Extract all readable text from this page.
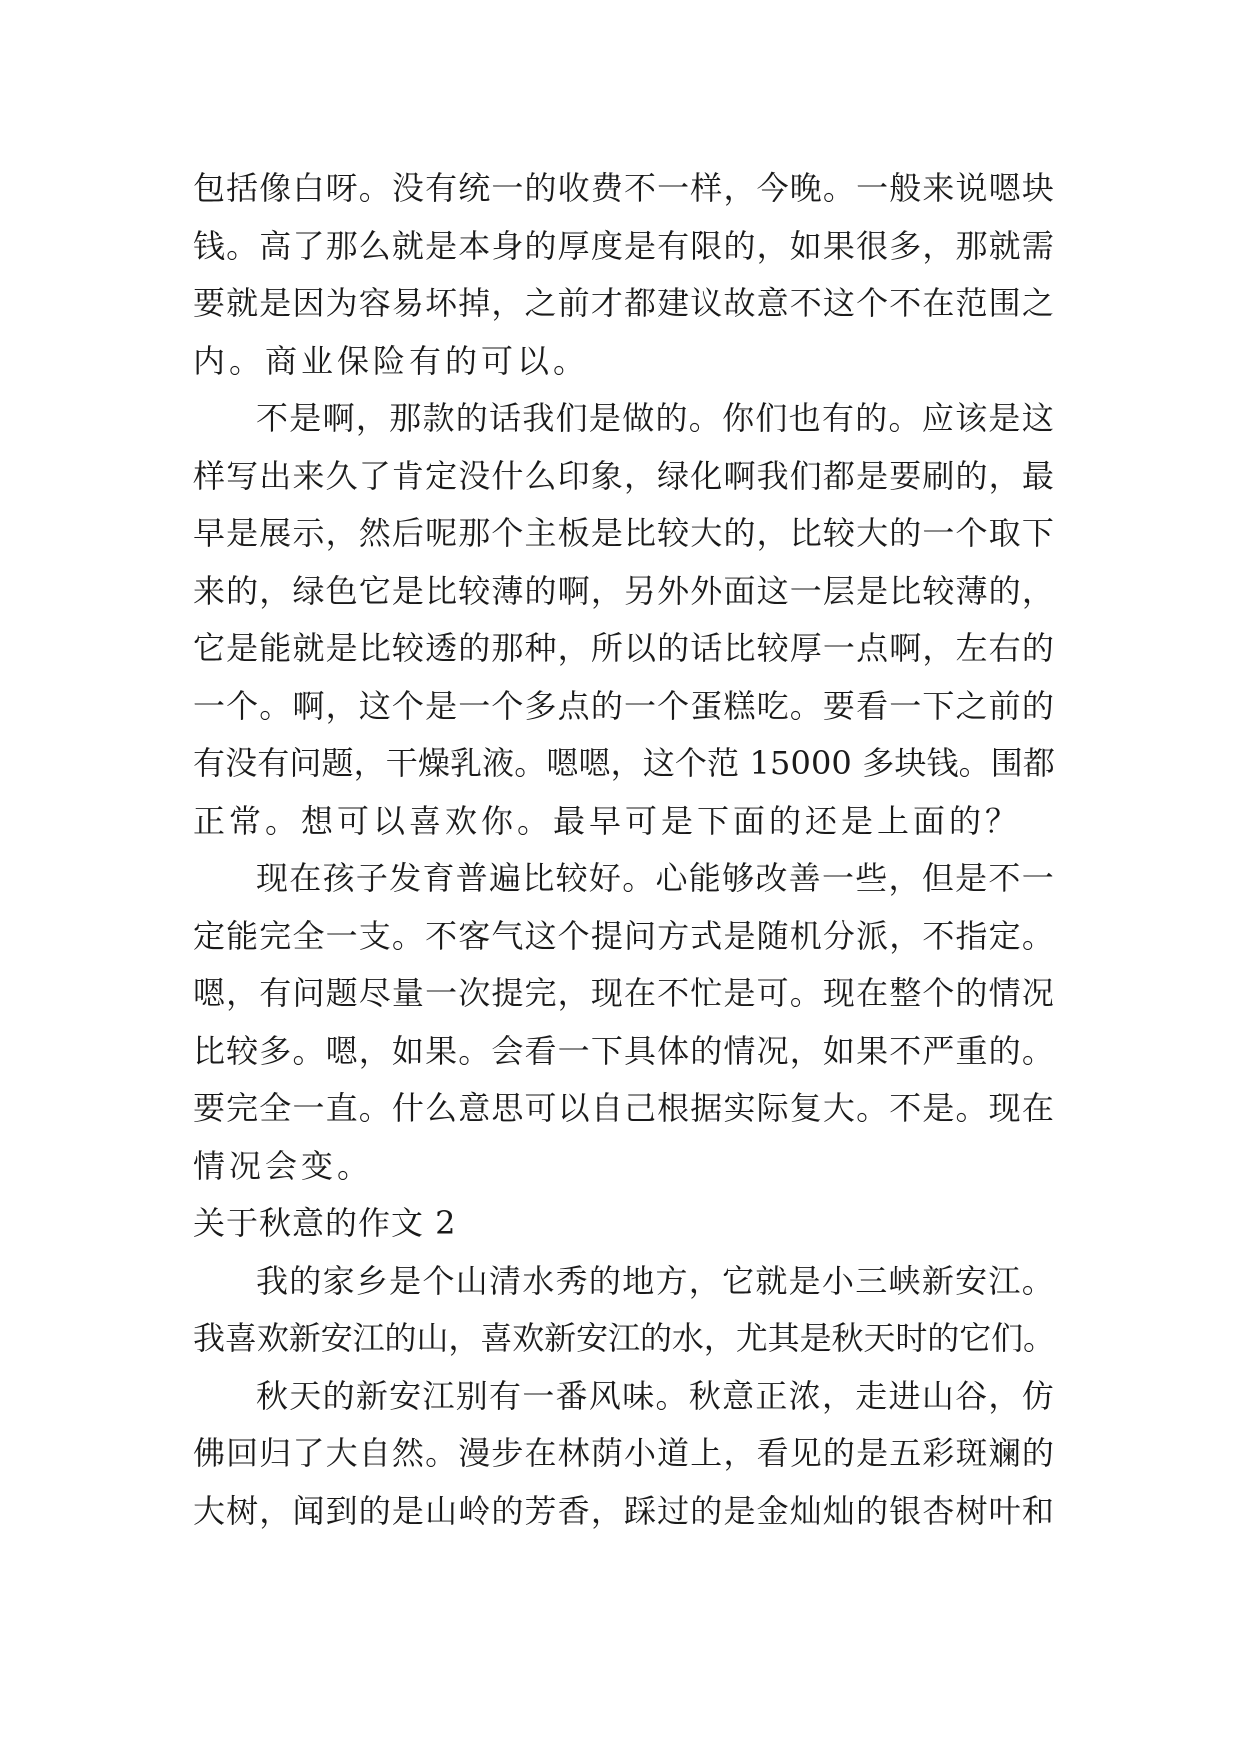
包括像白呀。没有统一的收费不一样，今晚。一般来说嗯块
钱。高了那么就是本身的厚度是有限的，如果很多，那就需
要就是因为容易坏掉，之前才都建议故意不这个不在范围之
内。商业保险有的可以。
不是啊，那款的话我们是做的。你们也有的。应该是这
样写出来久了肯定没什么印象，绿化啊我们都是要刷的，最
早是展示，然后呢那个主板是比较大的，比较大的一个取下
来的，绿色它是比较薄的啊，另外外面这一层是比较薄的，
它是能就是比较透的那种，所以的话比较厚一点啊，左右的
一个。啊，这个是一个多点的一个蛋糕吃。要看一下之前的
有没有问题，干燥乳液。嗯嗯，这个范 15000 多块钱。围都
正常。想可以喜欢你。最早可是下面的还是上面的？
现在孩子发育普遍比较好。心能够改善一些，但是不一
定能完全一支。不客气这个提问方式是随机分派，不指定。
嗯，有问题尽量一次提完，现在不忙是可。现在整个的情况
比较多。嗯，如果。会看一下具体的情况，如果不严重的。
要完全一直。什么意思可以自己根据实际复大。不是。现在
情况会变。
关于秋意的作文 2
我的家乡是个山清水秀的地方，它就是小三峡新安江。
我喜欢新安江的山，喜欢新安江的水，尤其是秋天时的它们。
秋天的新安江别有一番风味。秋意正浓，走进山谷，仿
佛回归了大自然。漫步在林荫小道上，看见的是五彩斑斓的
大树，闻到的是山岭的芳香，踩过的是金灿灿的银杏树叶和
